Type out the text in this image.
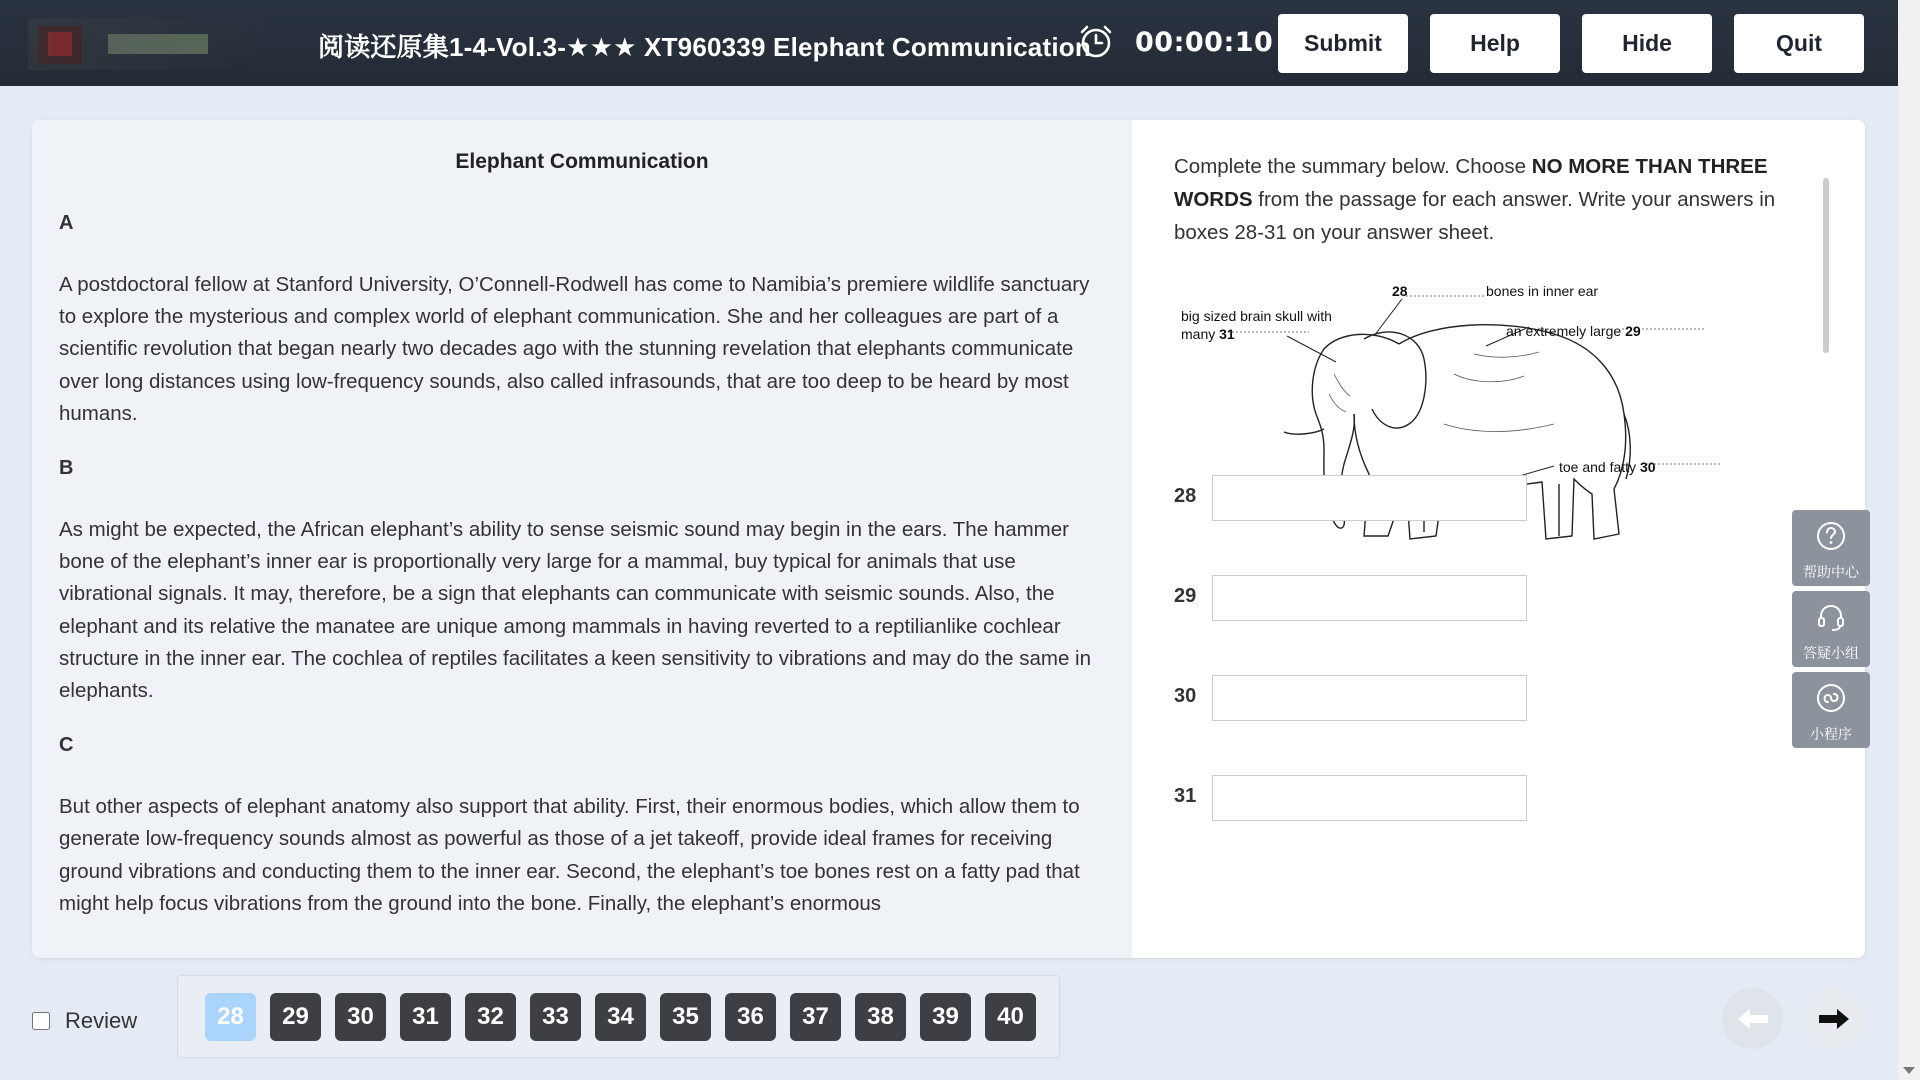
阅读还原集1-4-Vol.3-★★★ XT960339 Elephant Communication 00:00:10	Submit	Help	Hide	Quit
Elephant Communication
A
A postdoctoral fellow at Stanford University, O’Connell-Rodwell has come to Namibia’s premiere wildlife sanctuary to explore the mysterious and complex world of elephant communication. She and her colleagues are part of a scientific revolution that began nearly two decades ago with the stunning revelation that elephants communicate over long distances using low-frequency sounds, also called infrasounds, that are too deep to be heard by most humans.
B
As might be expected, the African elephant’s ability to sense seismic sound may begin in the ears. The hammer bone of the elephant’s inner ear is proportionally very large for a mammal, buy typical for animals that use vibrational signals. It may, therefore, be a sign that elephants can communicate with seismic sounds. Also, the elephant and its relative the manatee are unique among mammals in having reverted to a reptilianlike cochlear structure in the inner ear. The cochlea of reptiles facilitates a keen sensitivity to vibrations and may do the same in elephants.
C
But other aspects of elephant anatomy also support that ability. First, their enormous bodies, which allow them to generate low-frequency sounds almost as powerful as those of a jet takeoff, provide ideal frames for receiving ground vibrations and conducting them to the inner ear. Second, the elephant’s toe bones rest on a fatty pad that might help focus vibrations from the ground into the bone. Finally, the elephant’s enormous
Complete the summary below. Choose NO MORE THAN THREE
WORDS from the passage for each answer. Write your answers in boxes 28-31 on your answer sheet.
28	bones in inner ear
big sized brain skull with
many 31	an extremely large 29
toe and fatty 30
28
29
30
31
帮助中心
答疑小组
小程序
Review	28	29	30	31	32	33	34	35	36	37	38	39	40
